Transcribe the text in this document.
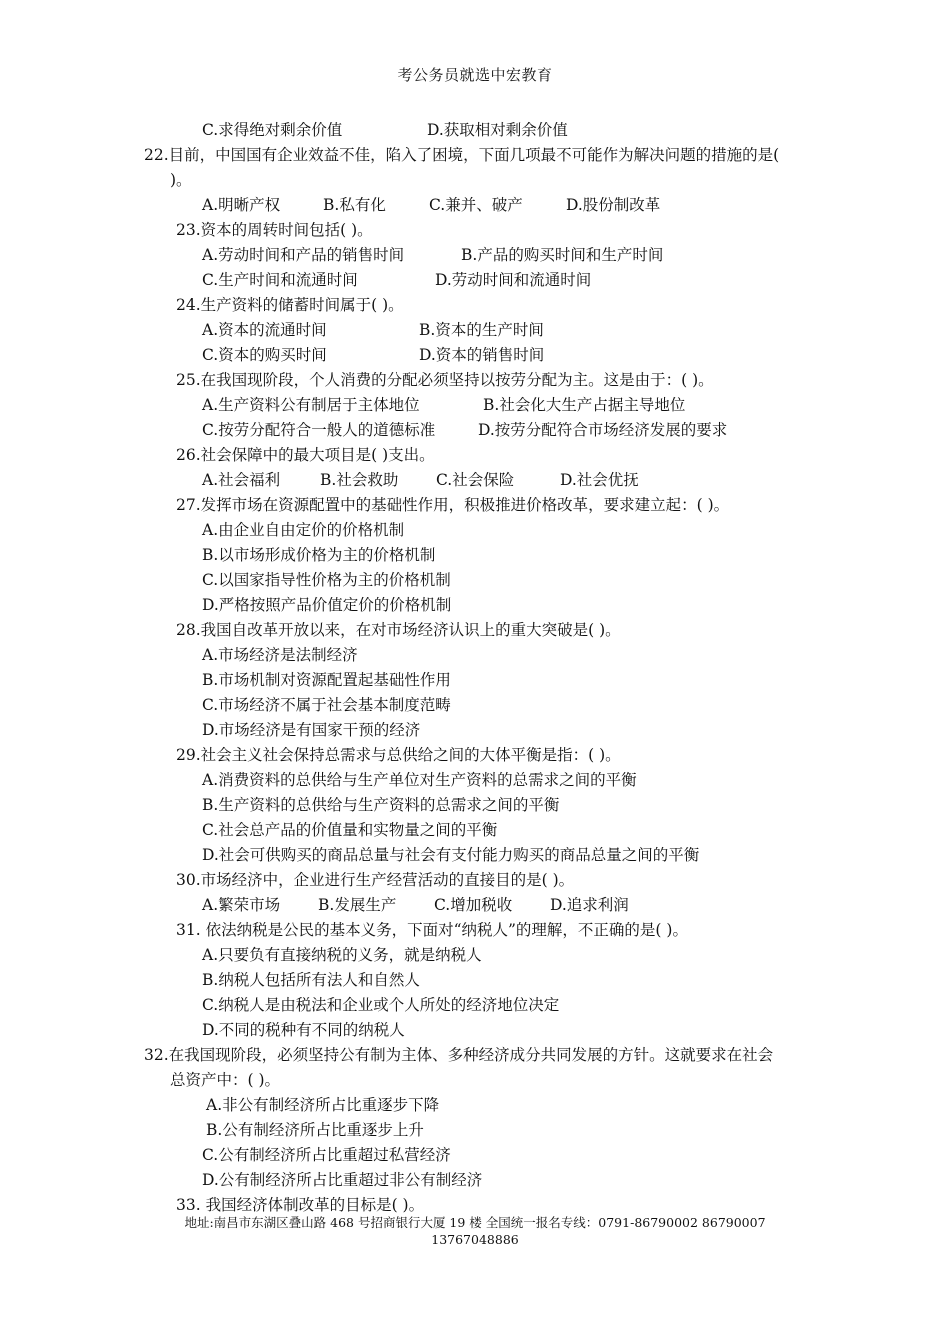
考公务员就选中宏教育
C.求得绝对剩余价值	D.获取相对剩余价值
22.目前，中国国有企业效益不佳，陷入了困境，下面几项最不可能作为解决问题的措施的是(
)。
A.明晰产权	B.私有化	C.兼并、破产	D.股份制改革
23.资本的周转时间包括( )。
A.劳动时间和产品的销售时间	B.产品的购买时间和生产时间
C.生产时间和流通时间	D.劳动时间和流通时间
24.生产资料的储蓄时间属于( )。
A.资本的流通时间	B.资本的生产时间
C.资本的购买时间	D.资本的销售时间
25.在我国现阶段，个人消费的分配必须坚持以按劳分配为主。这是由于：( )。
A.生产资料公有制居于主体地位	B.社会化大生产占据主导地位
C.按劳分配符合一般人的道德标准	D.按劳分配符合市场经济发展的要求
26.社会保障中的最大项目是( )支出。
A.社会福利	B.社会救助 C.社会保险	D.社会优抚
27.发挥市场在资源配置中的基础性作用，积极推进价格改革，要求建立起：( )。
A.由企业自由定价的价格机制
B.以市场形成价格为主的价格机制
C.以国家指导性价格为主的价格机制
D.严格按照产品价值定价的价格机制
28.我国自改革开放以来，在对市场经济认识上的重大突破是( )。
A.市场经济是法制经济
B.市场机制对资源配置起基础性作用
C.市场经济不属于社会基本制度范畴
D.市场经济是有国家干预的经济
29.社会主义社会保持总需求与总供给之间的大体平衡是指：( )。
A.消费资料的总供给与生产单位对生产资料的总需求之间的平衡
B.生产资料的总供给与生产资料的总需求之间的平衡
C.社会总产品的价值量和实物量之间的平衡
D.社会可供购买的商品总量与社会有支付能力购买的商品总量之间的平衡
30.市场经济中，企业进行生产经营活动的直接目的是( )。
A.繁荣市场 B.发展生产 C.增加税收 D.追求利润
31. 依法纳税是公民的基本义务，下面对“纳税人”的理解，不正确的是( )。
A.只要负有直接纳税的义务，就是纳税人
B.纳税人包括所有法人和自然人
C.纳税人是由税法和企业或个人所处的经济地位决定
D.不同的税种有不同的纳税人
32.在我国现阶段，必须坚持公有制为主体、多种经济成分共同发展的方针。这就要求在社会
总资产中：( )。
A.非公有制经济所占比重逐步下降
B.公有制经济所占比重逐步上升
C.公有制经济所占比重超过私营经济
D.公有制经济所占比重超过非公有制经济
33. 我国经济体制改革的目标是( )。
地址:南昌市东湖区叠山路 468 号招商银行大厦 19 楼 全国统一报名专线：0791-86790002 86790007
13767048886
